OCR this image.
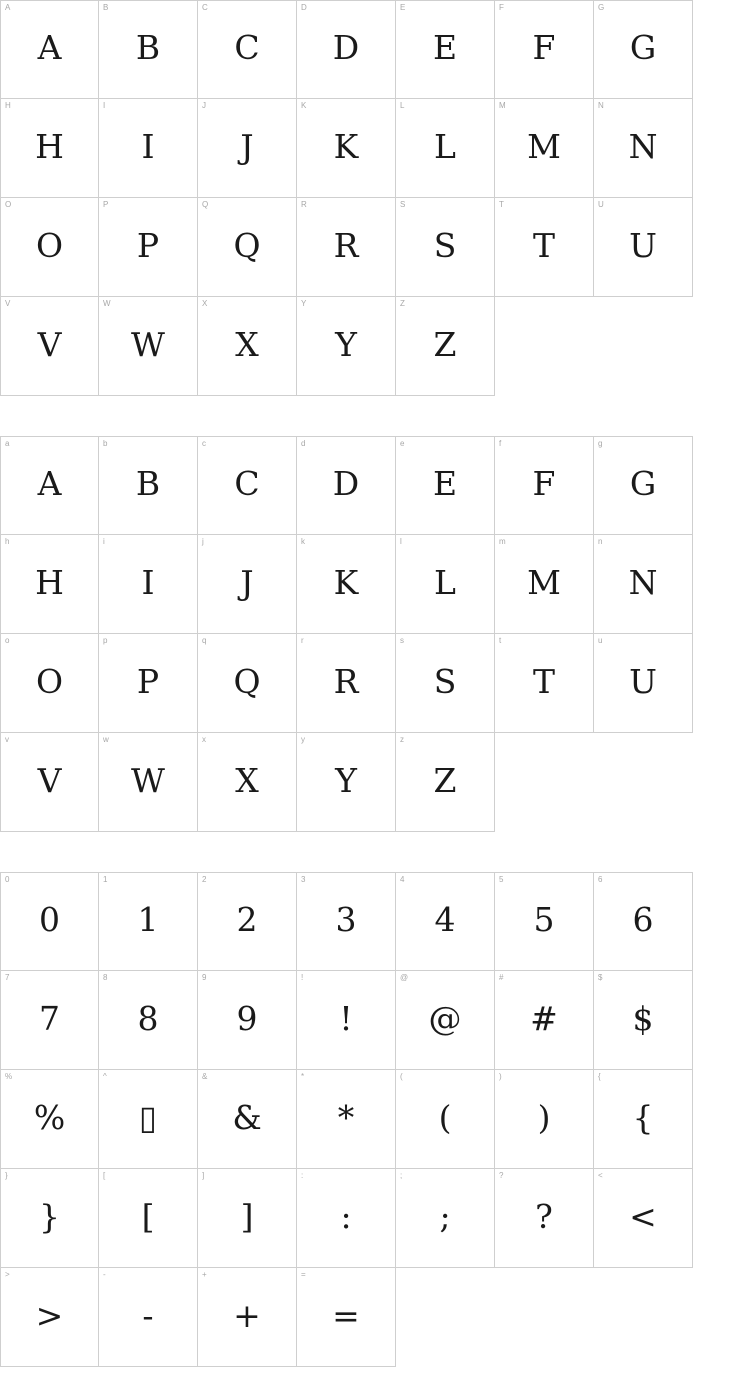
A
A
B
B
C
C
D
D
E
E
F
F
G
G
H
H
I
I
J
J
K
K
L
L
M
M
N
N
O
O
P
P
Q
Q
R
R
S
S
T
T
U
U
V
V
W
W
X
X
Y
Y
Z
Z
a
A
b
B
c
C
d
D
e
E
f
F
g
G
h
H
i
I
j
J
k
K
l
L
m
M
n
N
o
O
p
P
q
Q
r
R
s
S
t
T
u
U
v
V
w
W
x
X
y
Y
z
Z
0
0
1
1
2
2
3
3
4
4
5
5
6
6
7
7
8
8
9
9
!
!
@
@
#
#
$
$
%
%
^
▯
&
&
*
*
(
(
)
)
{
{
}
}
[
[
]
]
:
:
;
;
?
?
<
<
>
>
-
-
+
+
=
=
